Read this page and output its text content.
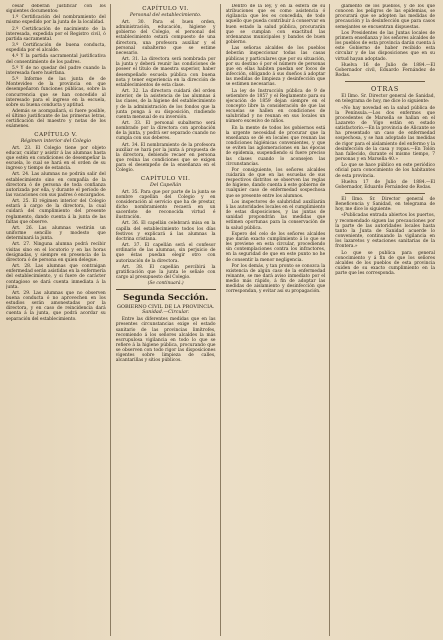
cesar deberán justificar con los siguientes documentos:

1.º Certificación del nombramiento del mismo expedido por la junta de la localidad.

2.º Certificación de nacimiento de la interesada, expedida por el Registro civil, ó partida sacramental.

3.º Certificación de buena conducta, expedida por el alcalde.

4.º Y la partida sacramental justificativa del consentimiento de los padres.

5.º Y de no quedar del padre cuando la interesada fuere huérfana.

5.º Informe de las junta de de Montevideo de la provincia en que desempeñaron funciones públicas, sobre la concurrencia que se han concedido al interesado para el ingreso en la escuela, sobre su buena conducta y aptitud.

Además se acompañará, si fuere posible, el último justificante de las primeras letras, certificación del maestro y notas de los exámenes.

CAPÍTULO V.
Régimen interior del Colegio

Art. 23. El Colegio tiene por objeto educar, cuidar y asistir á las alumnas hasta que estén en condiciones de desempeñar la escuela, lo cual se hará en el orden de su ingreso y tiempo de estancia.

Art. 24. Las alumnas no podrán salir del establecimiento sino en compañía de la directora ó de persona de toda confianza autorizada por ella, y durante el período de las vacaciones con sus padres ó encargados.

Art. 25. El régimen interior del Colegio estará á cargo de la directora, la cual cuidará del cumplimiento del presente reglamento, dando cuenta á la junta de las faltas que observe.

Art. 26. Las alumnas vestirán un uniforme sencillo y modesto que determinará la junta.

Art. 27. Ninguna alumna podrá recibir visitas sino en el locutorio y en las horas designadas, y siempre en presencia de la directora ó de persona en quien delegue.

Art. 28. Las alumnas que contraigan enfermedad serán asistidas en la enfermería del establecimiento, y si fuere de carácter contagioso se dará cuenta inmediata á la junta.

Art. 29. Las alumnas que no observen buena conducta ó no aprovechen en los estudios serán amonestadas por la directora, y en caso de reincidencia dará cuenta á la junta, que podrá acordar su separación del establecimiento.

CAPÍTULO VI.
Personal del establecimiento.

Art. 30. Para el buen orden, administración, educación, higiene y gobierno del Colegio, el personal del establecimiento estará compuesto de una directora, una profesora auxiliar y el personal subalterno que se estime necesario.

Art. 31. La directora será nombrada por la junta y deberá reunir las condiciones de poseer el título de maestra superior, haber desempeñado escuela pública con buena nota y tener experiencia en la dirección de establecimientos de esta clase.

Art. 32. La directora cuidará del orden interior, de la asistencia de las alumnas á las clases, de la higiene del establecimiento y de la administración de los fondos que la junta ponga á su disposición, rindiendo cuenta mensual de su inversión.

Art. 33. El personal subalterno será nombrado por la directora con aprobación de la junta, y podrá ser separado cuando no cumpla con sus deberes.

Art. 34. El nombramiento de la profesora auxiliar se hará por la junta á propuesta de la directora, debiendo recaer en persona que reúna las condiciones que se exigen para el desempeño de la enseñanza en el Colegio.

CAPÍTULO VII.
Del Capellán

Art. 35. Para que por parte de la junta se nombre capellán del Colegio y en consideración al servicio que ha de prestar, dicho nombramiento recaerá en un sacerdote de reconocida virtud é ilustración.

Art. 36. El capellán celebrará misa en la capilla del establecimiento todos los días festivos y explicará á las alumnas la doctrina cristiana.

Art. 37. El capellán será el confesor ordinario de las alumnas, sin perjuicio de que éstas puedan elegir otro con autorización de la directora.

Art. 38. El capellán percibirá la gratificación que la junta le señale con cargo al presupuesto del Colegio.

(Se continuará.)
Segunda Sección.
GOBIERNO CIVIL DE LA PROVINCIA.
Sanidad.—Circular.

Entre las diferentes medidas que en las presentes circunstancias exige el estado sanitario de las provincias limítrofes, recomiendo á los señores alcaldes la más escrupulosa vigilancia en todo lo que se refiere á la higiene pública, procurando que se observen con todo rigor las disposiciones vigentes sobre limpieza de calles, alcantarillas y sitios públicos.

Dentro de la ley, y en la esfera de su atribuciones que es como asistencia ó vigilancia que les es concedida, de todo aquello que pueda contribuir á conservar en buen estado la salud pública, procurarán que se cumplan con exactitud las ordenanzas municipales y bandos de buen gobierno.

Las señoras alcaldes de los pueblos deberán inspeccionar todas las casas públicas y particulares que por su situación, por su destino ó por el número de personas que en ellas habiten puedan ser focos de infección, obligando á sus dueños á adoptar las medidas de limpieza y desinfección que se estimen necesarias.

La ley de Instrucción pública de 9 de setiembre de 1857 y el Reglamento para su ejecución de 1859 dejan siempre en el concepto libre la consideración de que las escuelas se hallen en condiciones de salubridad y no reunan en sus locales un número excesivo de niños.

En la mente de todos los gobiernos está la urgente necesidad de procurar que la enseñanza se dé en locales que reunan las condiciones higiénicas convenientes, y que se eviten las aglomeraciones en las épocas de epidemia, suspendiendo si fuere preciso las clases cuando lo aconsejen las circunstancias.

Por consiguiente, los señores alcaldes cuidarán de que en las escuelas de sus respectivos distritos se observen las reglas de higiene, dando cuenta á este gobierno de cualquier caso de enfermedad sospechosa que se presente entre los alumnos.

Los inspectores de salubridad auxiliarán á las autoridades locales en el cumplimiento de estas disposiciones, y las juntas de sanidad propondrán las medidas que estimen oportunas para la conservación de la salud pública.

Espero del celo de los señores alcaldes que darán exacto cumplimiento á lo que se les previene en esta circular, procediendo sin contemplaciones contra los infractores, en la seguridad de que en este punto no he de consentir la menor negligencia.

Por los demás, y tan pronto se conozca la existencia de algún caso de la enfermedad reinante, se me dará aviso inmediato por el medio más rápido, á fin de adoptar las medidas de aislamiento y desinfección que correspondan, y evitar así su propagación.

glamento de los pueblos, y de los que conocen los peligros de las epidemias, se procurará que se adopten las medidas de precaución y la desinfección que para casos semejantes se encuentran dispuestas.

Los Presidentes de las Juntas locales de primera enseñanza y los señores alcaldes de los pueblos de esta provincia darán cuenta á este Gobierno de haber recibido esta circular y de las disposiciones que en su virtud hayan adoptado.

Huelva 16 de Julio de 1884.—El Gobernador civil, Eduardo Fernández de Rodas.

OTRAS

El Ilmo. Sr. Director general de Sanidad, en telegrama de hoy, me dice lo siguiente:

«No hay novedad en la salud pública de la Península.—Los dos enfermos que procedentes de Marsella se hallan en el Lazareto de Vigo están en estado satisfactorio.—En la provincia de Alicante se ha presentado un caso de enfermedad sospechosa, y se han adoptado las medidas de rigor para el aislamiento del enfermo y la desinfección de la casa y ropas.—En Tolón han fallecido, durante el mismo tiempo, 7 personas y en Marsella 40.»

Lo que se hace público en este periódico oficial para conocimiento de los habitantes de esta provincia.

Huelva 17 de Julio de 1884.—El Gobernador, Eduardo Fernández de Rodas.

El Ilmo. Sr. Director general de Beneficencia y Sanidad, en telegrama de hoy, me dice lo siguiente:

«Publicadas entrada abiertos los puertos, y recomendado siguen las precauciones por la parte de las autoridades locales hasta tanto la Junta de Sanidad acuerde lo conveniente, continuando la vigilancia en los lazaretos y estaciones sanitarias de la frontera.»

Lo que se publica para general conocimiento y á fin de que los señores alcaldes de los pueblos de esta provincia cuiden de su exacto cumplimiento en la parte que les corresponda.
